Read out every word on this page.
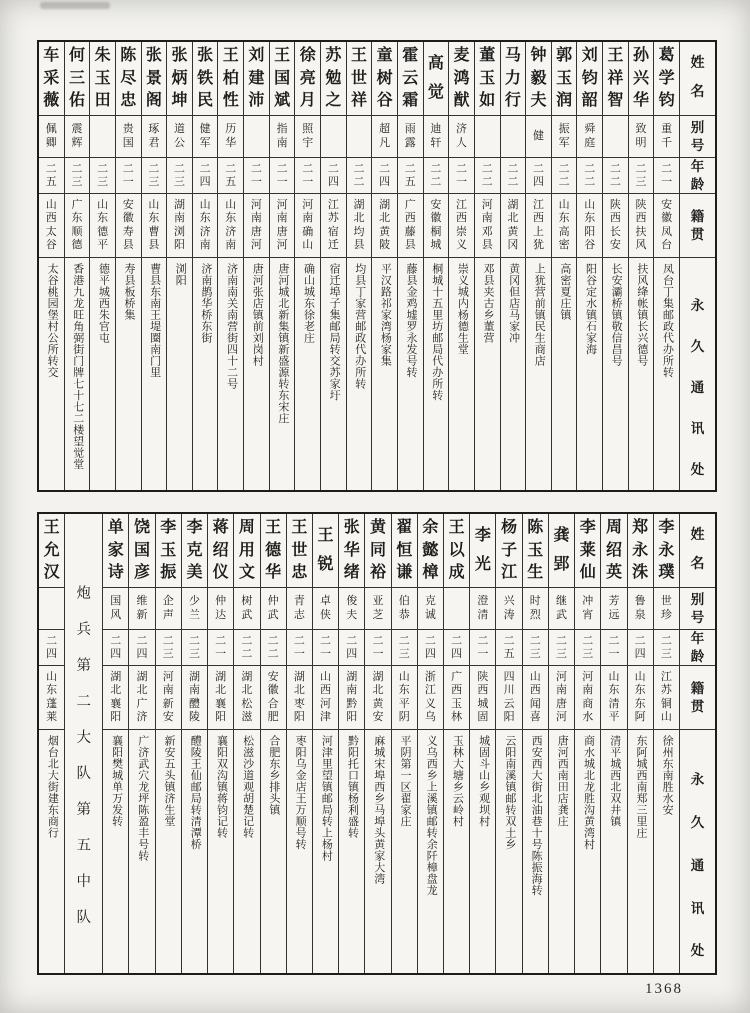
姓
名
别
号
年
龄
籍
贯
永
久
通
讯
处
葛
学
钧
重
千
二
一
安
徽
凤
台
凤台丁集邮政代办所转
孙
兴
华
致
明
二
三
陕
西
扶
风
扶风绛帐镇长兴德号
王
祥
智
二
二
陕
西
长
安
长安灞桥镇敬信昌号
刘
钧
韶
舜
庭
二
二
山
东
阳
谷
阳谷定水镇石家海
郭
玉
润
振
军
二
二
山
东
高
密
高密夏庄镇
钟
毅
夫
健
二
四
江
西
上
犹
上犹营前镇民生商店
马
力
行
二
二
湖
北
黄
冈
黄冈但店马家冲
董
玉
如
二
二
河
南
邓
县
邓县夹古乡董营
麦
鸿
猷
济
人
二
一
江
西
崇
义
崇义城内杨德生堂
高
觉
迪
轩
二
二
安
徽
桐
城
桐城十五里坊邮局代办所转
霍
云
霜
雨
露
二
五
广
西
藤
县
藤县金鸡墟罗永发号转
童
树
谷
超
凡
二
四
湖
北
黄
陂
平汉路祁家湾杨家集
王
世
祥
二
二
湖
北
均
县
均县丁家营邮政代办所转
苏
勉
之
二
四
江
苏
宿
迁
宿迁埠子集邮局转交苏家圩
徐
亮
月
照
宇
二
一
河
南
确
山
确山城东徐老庄
王
国
斌
指
南
二
一
河
南
唐
河
唐河城北新集镇新盛源转东宋庄
刘
建
沛
二
一
河
南
唐
河
唐河张店镇前刘岗村
王
柏
性
历
华
二
五
山
东
济
南
济南南关南营街四十二号
张
铁
民
健
军
二
四
山
东
济
南
济南鹊华桥东街
张
炳
坤
道
公
二
三
湖
南
浏
阳
浏阳
张
景
阁
琢
君
二
三
山
东
曹
县
曹县东南王堤圈南门里
陈
尽
忠
贵
国
二
一
安
徽
寿
县
寿县板桥集
朱
玉
田
二
三
山
东
德
平
德平城西朱官屯
何
三
佑
震
辉
二
三
广
东
顺
德
香港九龙旺角弼街门牌七十七二楼望觉堂
车
采
薇
佩
卿
二
五
山
西
太
谷
太谷桃园堡村公所转交
姓
名
别
号
年
龄
籍
贯
永
久
通
讯
处
李
永
璞
世
珍
二
三
江
苏
铜
山
徐州东南胜水安
郑
永
洙
鲁
泉
二
四
山
东
东
阿
东阿城西南郑三里庄
周
绍
英
芳
远
二
一
山
东
清
平
清平城西北双井镇
李
莱
仙
冲
宵
二
三
河
南
商
水
商水城北龙胜沟黄湾村
龚
郢
继
武
二
三
河
南
唐
河
唐河西南田店龚庄
陈
玉
生
时
烈
二
三
山
西
闻
喜
西安西大街北油巷十号陈振海转
杨
子
江
兴
涛
二
五
四
川
云
阳
云阳南溪镇邮转双土乡
李
光
澄
清
二
一
陕
西
城
固
城固斗山乡观坝村
王
以
成
二
四
广
西
玉
林
玉林大塘乡云岭村
余
懿
樟
克
诚
二
四
浙
江
义
乌
义乌西乡上溪镇邮转余阡樟盘龙
翟
恒
谦
伯
恭
二
三
山
东
平
阴
平阴第一区翟家庄
黄
同
裕
亚
芝
二
一
湖
北
黄
安
麻城宋埠西乡马埠头黄家大湾
张
华
绪
俊
夫
二
四
湖
南
黔
阳
黔阳托口镇杨利盛转
王
锐
卓
侠
二
一
山
西
河
津
河津里望镇邮局转上杨村
王
世
忠
青
志
二
一
湖
北
枣
阳
枣阳乌金店王万顺号转
王
德
华
仲
武
二
二
安
徽
合
肥
合肥东乡排头镇
周
用
文
树
武
二
二
湖
北
松
滋
松滋沙道观胡楚记转
蒋
绍
仪
仲
达
二
一
湖
北
襄
阳
襄阳双沟镇蒋钧记转
李
克
美
少
兰
二
三
湖
南
醴
陵
醴陵王仙邮局转清潭桥
李
玉
振
企
声
二
三
河
南
新
安
新安五头镇济生堂
饶
国
彦
维
新
二
四
湖
北
广
济
广济武穴龙坪陈盈丰号转
单
家
诗
国
风
二
四
湖
北
襄
阳
襄阳樊城单万发转
炮
兵
第
二
大
队
第
五
中
队
王
允
汉
二
四
山
东
蓬
莱
烟台北大街建东商行
1368
